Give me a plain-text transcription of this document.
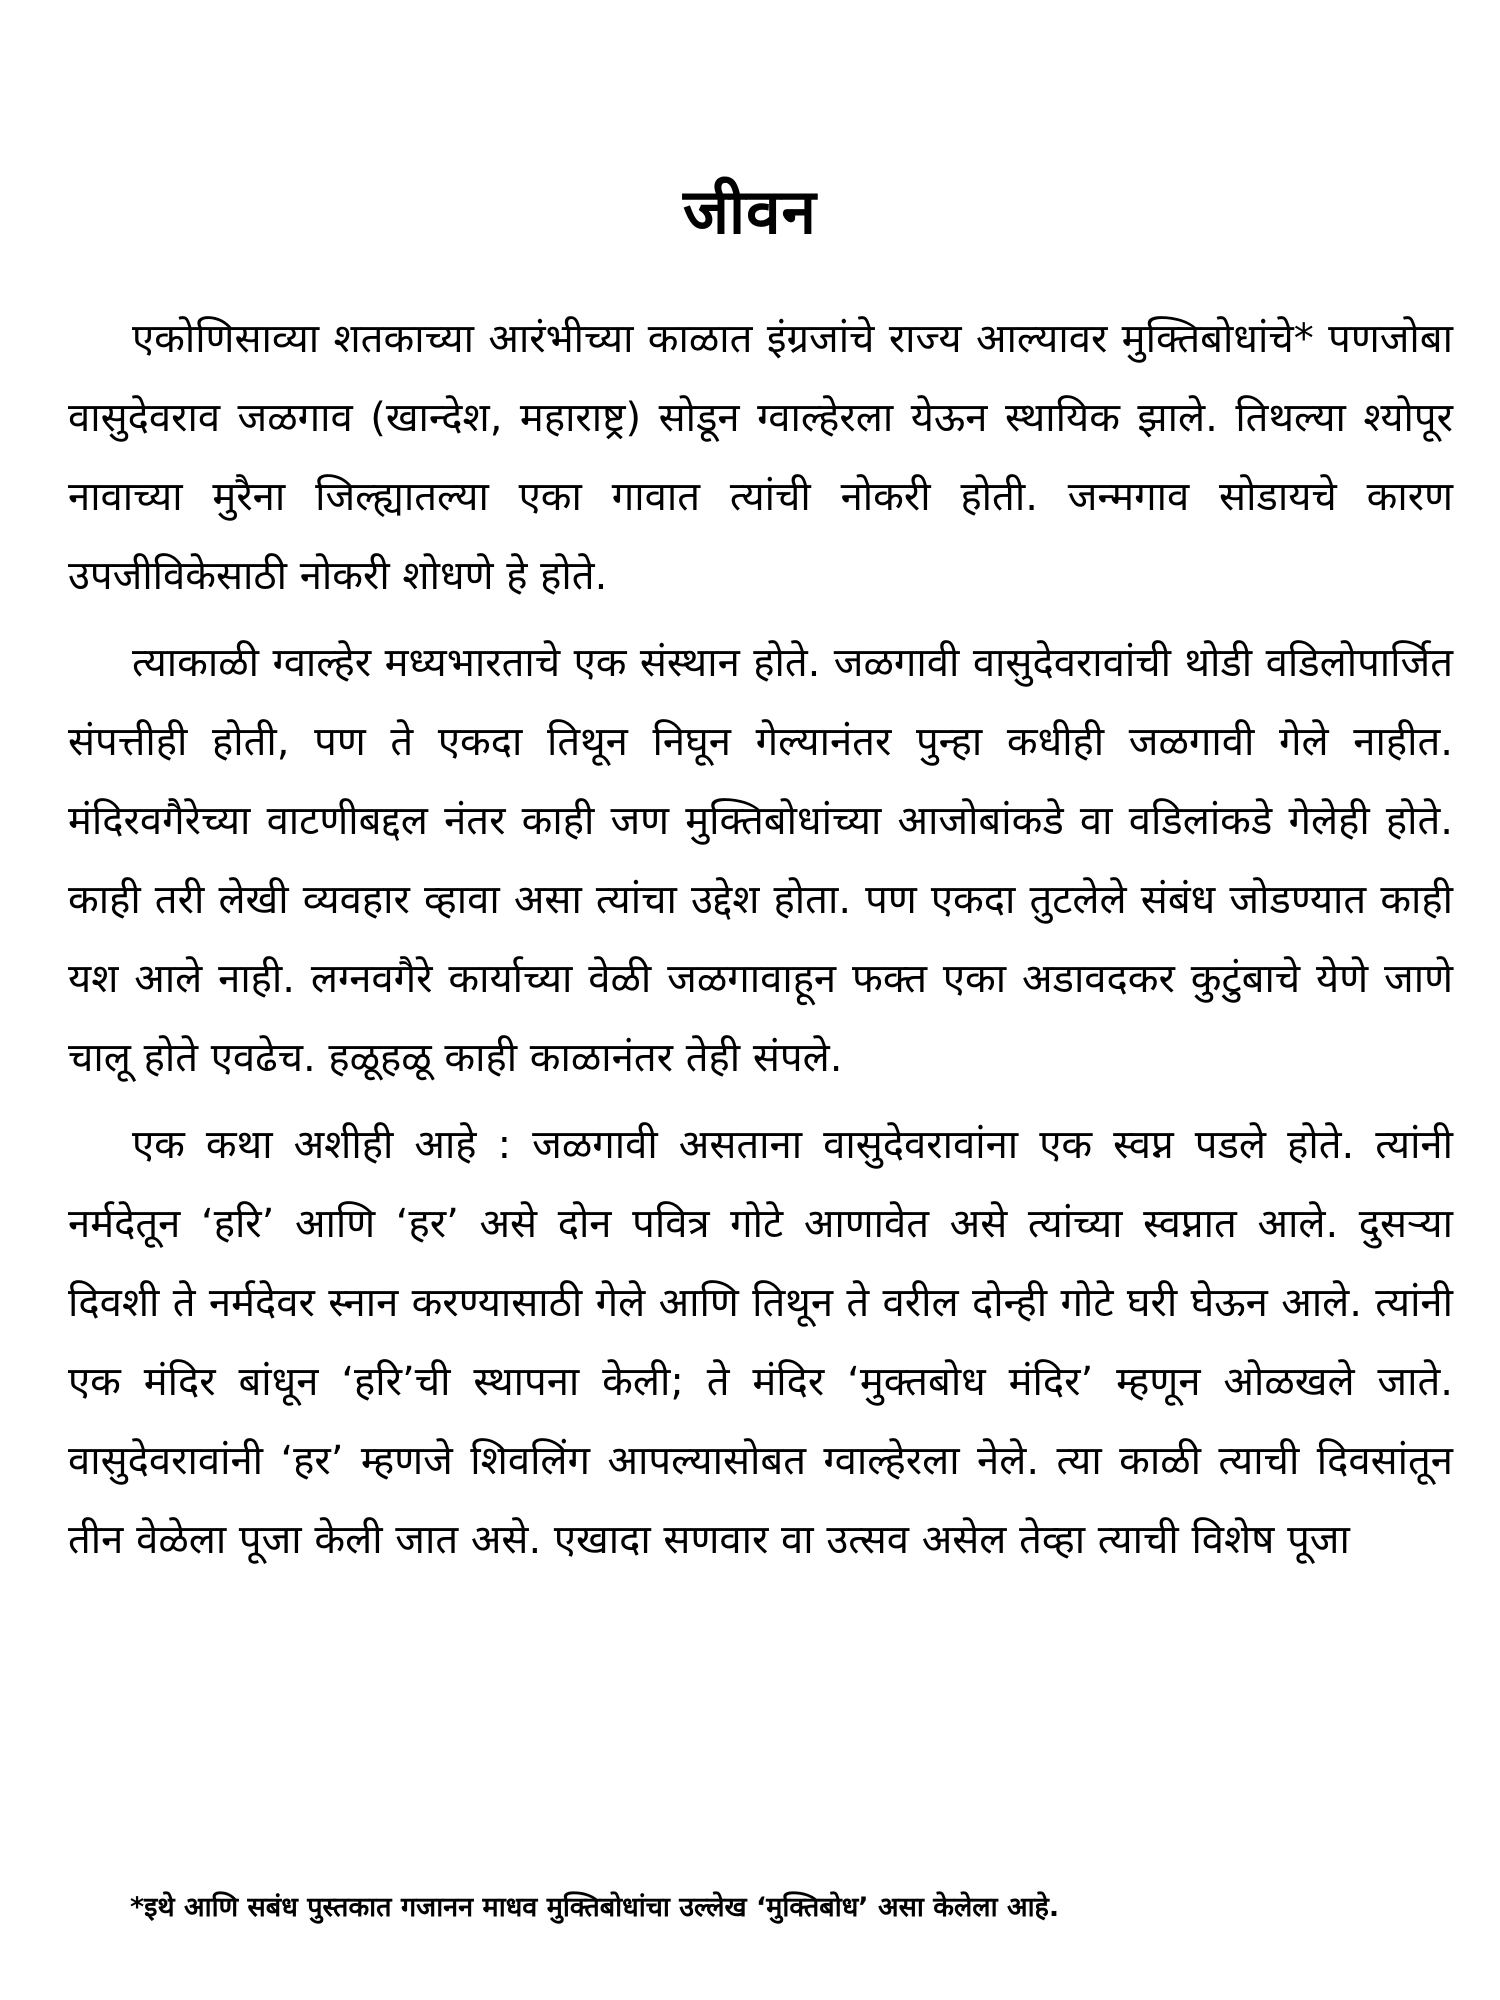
जीवन

एकोणिसाव्या शतकाच्या आरंभीच्या काळात इंग्रजांचे राज्य आल्यावर मुक्तिबोधांचे* पणजोबा वासुदेवराव जळगाव (खान्देश, महाराष्ट्र) सोडून ग्वाल्हेरला येऊन स्थायिक झाले. तिथल्या श्योपूर नावाच्या मुरैना जिल्ह्यातल्या एका गावात त्यांची नोकरी होती. जन्मगाव सोडायचे कारण उपजीविकेसाठी नोकरी शोधणे हे होते.

त्याकाळी ग्वाल्हेर मध्यभारताचे एक संस्थान होते. जळगावी वासुदेवरावांची थोडी वडिलोपार्जित संपत्तीही होती, पण ते एकदा तिथून निघून गेल्यानंतर पुन्हा कधीही जळगावी गेले नाहीत. मंदिरवगैरेच्या वाटणीबद्दल नंतर काही जण मुक्तिबोधांच्या आजोबांकडे वा वडिलांकडे गेलेही होते. काही तरी लेखी व्यवहार व्हावा असा त्यांचा उद्देश होता. पण एकदा तुटलेले संबंध जोडण्यात काही यश आले नाही. लग्नवगैरे कार्याच्या वेळी जळगावाहून फक्त एका अडावदकर कुटुंबाचे येणे जाणे चालू होते एवढेच. हळूहळू काही काळानंतर तेही संपले.

एक कथा अशीही आहे : जळगावी असताना वासुदेवरावांना एक स्वप्न पडले होते. त्यांनी नर्मदेतून ‘हरि’ आणि ‘हर’ असे दोन पवित्र गोटे आणावेत असे त्यांच्या स्वप्नात आले. दुसऱ्या दिवशी ते नर्मदेवर स्नान करण्यासाठी गेले आणि तिथून ते वरील दोन्ही गोटे घरी घेऊन आले. त्यांनी एक मंदिर बांधून ‘हरि’ची स्थापना केली; ते मंदिर ‘मुक्तबोध मंदिर’ म्हणून ओळखले जाते. वासुदेवरावांनी ‘हर’ म्हणजे शिवलिंग आपल्यासोबत ग्वाल्हेरला नेले. त्या काळी त्याची दिवसांतून तीन वेळेला पूजा केली जात असे. एखादा सणवार वा उत्सव असेल तेव्हा त्याची विशेष पूजा

*इथे आणि सबंध पुस्तकात गजानन माधव मुक्तिबोधांचा उल्लेख ‘मुक्तिबोध’ असा केलेला आहे.
